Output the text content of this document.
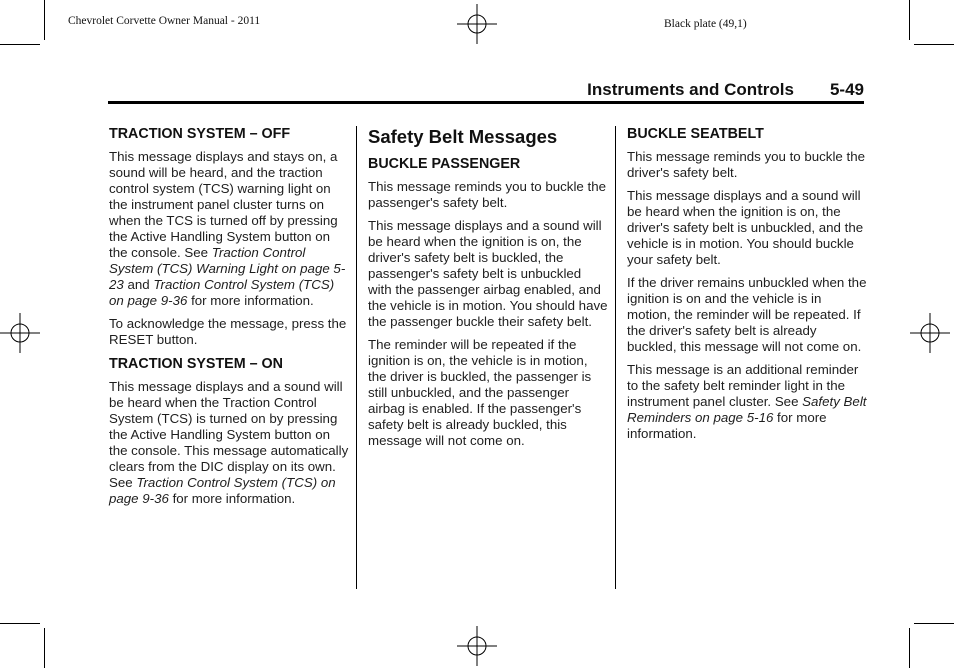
Chevrolet Corvette Owner Manual - 2011	Black plate (49,1)
Instruments and Controls 5-49
TRACTION SYSTEM – OFF

This message displays and stays on, a sound will be heard, and the traction control system (TCS) warning light on the instrument panel cluster turns on when the TCS is turned off by pressing the Active Handling System button on the console. See Traction Control System (TCS) Warning Light on page 5-23 and Traction Control System (TCS) on page 9-36 for more information.

To acknowledge the message, press the RESET button.

TRACTION SYSTEM – ON

This message displays and a sound will be heard when the Traction Control System (TCS) is turned on by pressing the Active Handling System button on the console. This message automatically clears from the DIC display on its own. See Traction Control System (TCS) on page 9-36 for more information.

Safety Belt Messages
BUCKLE PASSENGER

This message reminds you to buckle the passenger's safety belt.

This message displays and a sound will be heard when the ignition is on, the driver's safety belt is buckled, the passenger's safety belt is unbuckled with the passenger airbag enabled, and the vehicle is in motion. You should have the passenger buckle their safety belt.

The reminder will be repeated if the ignition is on, the vehicle is in motion, the driver is buckled, the passenger is still unbuckled, and the passenger airbag is enabled. If the passenger's safety belt is already buckled, this message will not come on.

BUCKLE SEATBELT

This message reminds you to buckle the driver's safety belt.

This message displays and a sound will be heard when the ignition is on, the driver's safety belt is unbuckled, and the vehicle is in motion. You should buckle your safety belt.

If the driver remains unbuckled when the ignition is on and the vehicle is in motion, the reminder will be repeated. If the driver's safety belt is already buckled, this message will not come on.

This message is an additional reminder to the safety belt reminder light in the instrument panel cluster. See Safety Belt Reminders on page 5-16 for more information.
